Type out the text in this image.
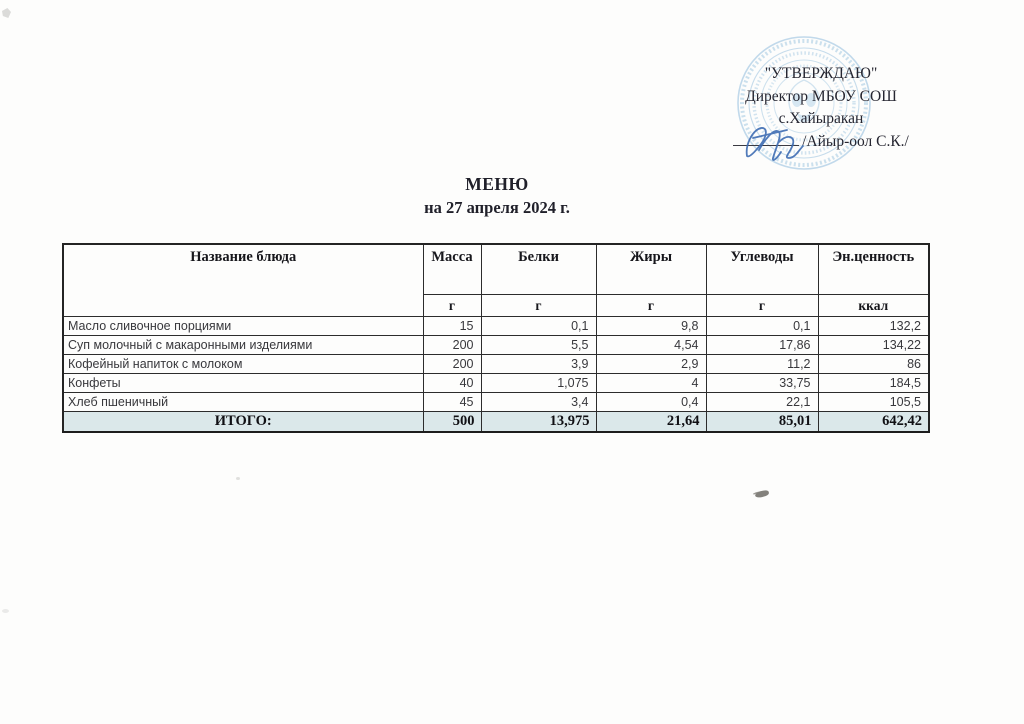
"УТВЕРЖДАЮ"
Директор МБОУ СОШ
с.Хайыракан
/Айыр-оол С.К./
МЕНЮ
на 27 апреля 2024 г.
Название блюда	Масса	Белки	Жиры	Углеводы	Эн.ценность
	г	г	г	г	ккал
Масло сливочное порциями	15	0,1	9,8	0,1	132,2
Суп молочный с макаронными изделиями	200	5,5	4,54	17,86	134,22
Кофейный напиток с молоком	200	3,9	2,9	11,2	86
Конфеты	40	1,075	4	33,75	184,5
Хлеб пшеничный	45	3,4	0,4	22,1	105,5
ИТОГО:	500	13,975	21,64	85,01	642,42
